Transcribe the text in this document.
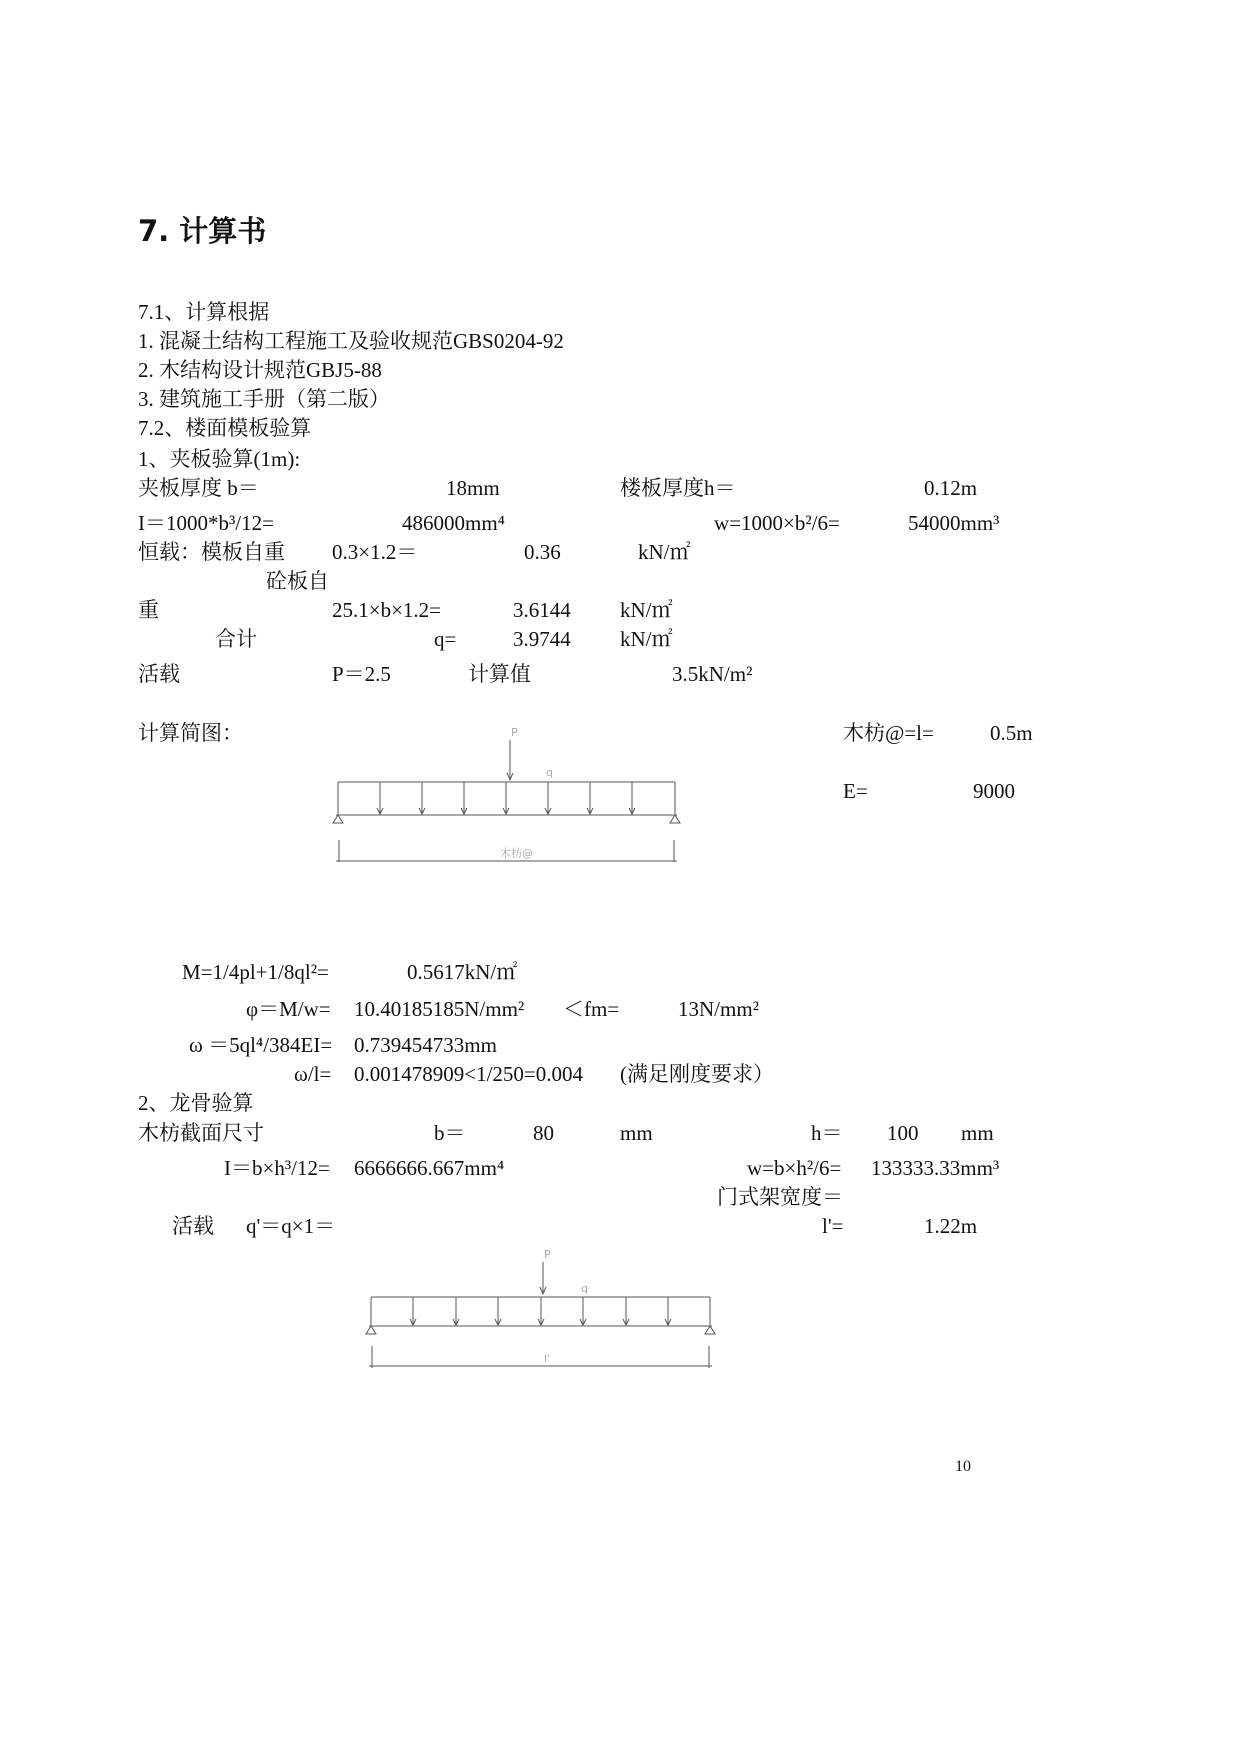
7. 计算书
7.1、计算根据
1. 混凝土结构工程施工及验收规范GBS0204-92
2. 木结构设计规范GBJ5-88
3. 建筑施工手册（第二版）
7.2、楼面模板验算
1、夹板验算(1m):
夹板厚度 b＝	18mm	楼板厚度h＝	0.12m
I＝1000*b³/12=	486000mm⁴	w=1000×b²/6=	54000mm³
恒载：模板自重 0.3×1.2＝	0.36	kN/㎡
砼板自
重	25.1×b×1.2=	3.6144 kN/㎡
合计	q=	3.9744 kN/㎡
活载	P＝2.5	计算值	3.5kN/m²
计算简图：	木枋@=l=	0.5m
E=	9000
P
q
木枋@
M=1/4pl+1/8ql²=	0.5617kN/㎡
φ＝M/w= 10.40185185N/mm² ＜fm=	13N/mm²
ω ＝5ql⁴/384EI= 0.739454733mm
ω/l= 0.001478909<1/250=0.004 (满足刚度要求）
2、龙骨验算
木枋截面尺寸	b＝	80	mm	h＝ 100 mm
I＝b×h³/12= 6666666.667mm⁴	w=b×h²/6= 133333.33mm³
门式架宽度＝
活载 q'＝q×1＝	l'=	1.22m
P
q
l'
10
